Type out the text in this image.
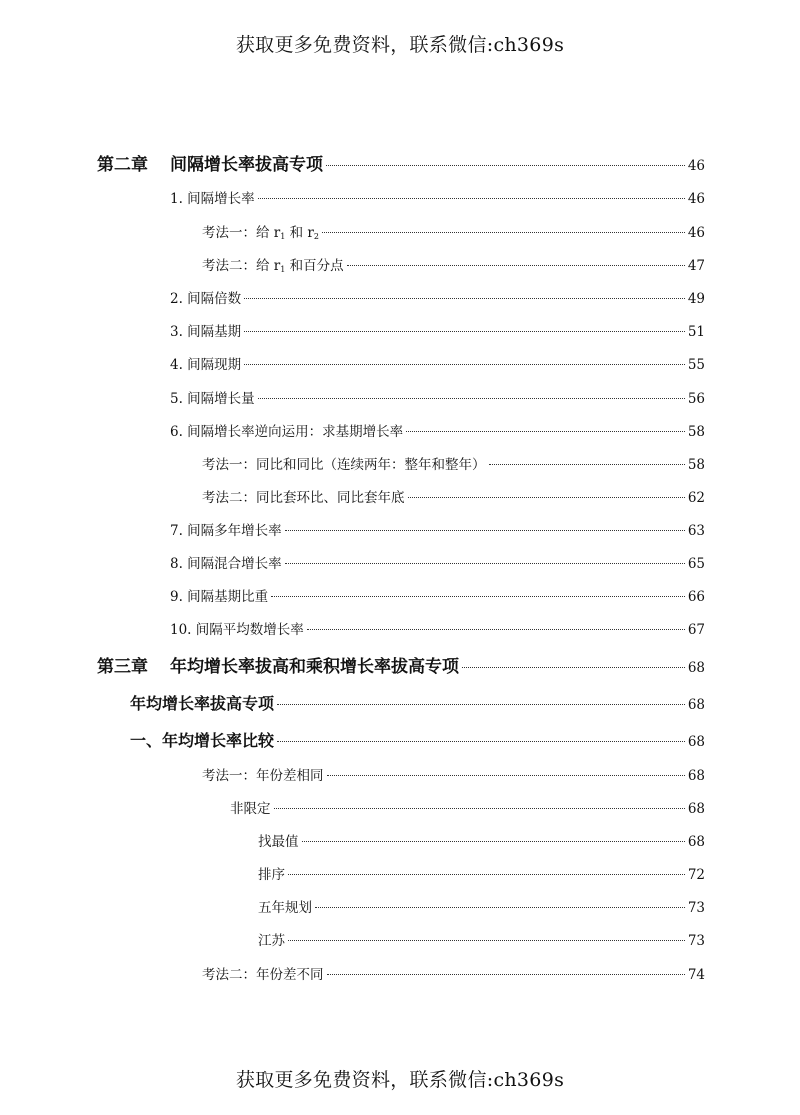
获取更多免费资料，联系微信:ch369s
第二章 间隔增长率拔高专项	46
1. 间隔增长率	46
考法一：给 $r_1$ 和 $r_2$	46
考法二：给 $r_1$ 和百分点	47
2. 间隔倍数	49
3. 间隔基期	51
4. 间隔现期	55
5. 间隔增长量	56
6. 间隔增长率逆向运用：求基期增长率	58
考法一：同比和同比（连续两年：整年和整年）	58
考法二：同比套环比、同比套年底	62
7. 间隔多年增长率	63
8. 间隔混合增长率	65
9. 间隔基期比重	66
10. 间隔平均数增长率	67
第三章 年均增长率拔高和乘积增长率拔高专项	68
年均增长率拔高专项	68
一、年均增长率比较	68
考法一：年份差相同	68
非限定	68
找最值	68
排序	72
五年规划	73
江苏	73
考法二：年份差不同	74
获取更多免费资料，联系微信:ch369s
